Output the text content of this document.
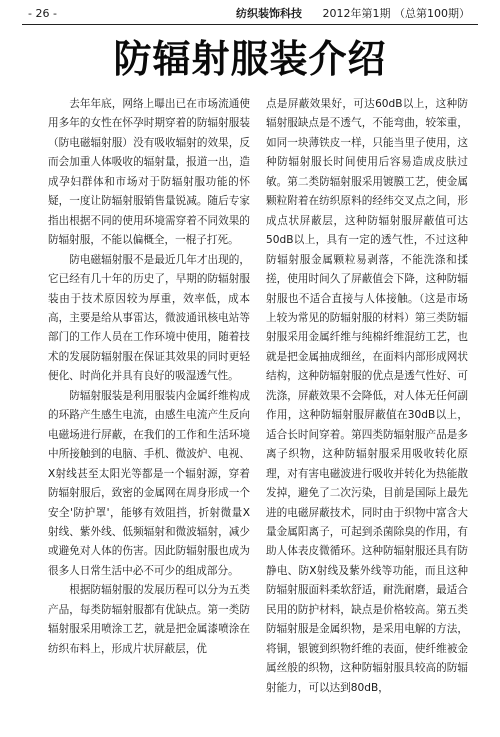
- 26 -	纺织装饰科技 2012年第1期 （总第100期）
防辐射服装介绍

去年年底，网络上曝出已在市场流通使用多年的女性在怀孕时期穿着的防辐射服装（防电磁辐射服）没有吸收辐射的效果，反而会加重人体吸收的辐射量，报道一出，造成孕妇群体和市场对于防辐射服功能的怀疑，一度让防辐射服销售量锐减。随后专家指出根据不同的使用环境需穿着不同效果的防辐射服，不能以偏概全，一棍子打死。

防电磁辐射服不是最近几年才出现的，它已经有几十年的历史了，早期的防辐射服装由于技术原因较为厚重，效率低，成本高，主要是给从事雷达，微波通讯核电站等部门的工作人员在工作环境中使用，随着技术的发展防辐射服在保证其效果的同时更轻便化、时尚化并具有良好的吸湿透气性。

防辐射服装是利用服装内金属纤维构成的环路产生感生电流，由感生电流产生反向电磁场进行屏蔽，在我们的工作和生活环境中所接触到的电脑、手机、微波炉、电视、X射线甚至太阳光等都是一个辐射源，穿着防辐射服后，致密的金属网在周身形成一个安全'防护罩'，能够有效阻挡，折射微量X射线、紫外线、低频辐射和微波辐射，减少或避免对人体的伤害。因此防辐射服也成为很多人日常生活中必不可少的组成部分。

根据防辐射服的发展历程可以分为五类产品，每类防辐射服都有优缺点。第一类防辐射服采用喷涂工艺，就是把金属漆喷涂在纺织布料上，形成片状屏蔽层，优

点是屏蔽效果好，可达60dB以上，这种防辐射服缺点是不透气，不能弯曲，较笨重，如同一块薄铁皮一样，只能当里子使用，这种防辐射服长时间使用后容易造成皮肤过敏。第二类防辐射服采用镀膜工艺，使金属颗粒附着在纺织原料的经纬交叉点之间，形成点状屏蔽层，这种防辐射服屏蔽值可达50dB以上，具有一定的透气性，不过这种防辐射服金属颗粒易剥落，不能洗涤和揉搓，使用时间久了屏蔽值会下降，这种防辐射服也不适合直接与人体接触。（这是市场上较为常见的防辐射服的材料）第三类防辐射服采用金属纤维与纯棉纤维混纺工艺，也就是把金属抽成细丝，在面料内部形成网状结构，这种防辐射服的优点是透气性好、可洗涤，屏蔽效果不会降低，对人体无任何副作用，这种防辐射服屏蔽值在30dB以上，适合长时间穿着。第四类防辐射服产品是多离子织物，这种防辐射服采用吸收转化原理，对有害电磁波进行吸收并转化为热能散发掉，避免了二次污染，目前是国际上最先进的电磁屏蔽技术，同时由于织物中富含大量金属阳离子，可起到杀菌除臭的作用，有助人体表皮微循环。这种防辐射服还具有防静电、防X射线及紫外线等功能，而且这种防辐射服面料柔软舒适，耐洗耐磨，最适合民用的防护材料，缺点是价格较高。第五类防辐射服是金属织物，是采用电解的方法，将铜，银镀到织物纤维的表面，使纤维被金属丝般的织物，这种防辐射服具较高的防辐射能力，可以达到80dB，
